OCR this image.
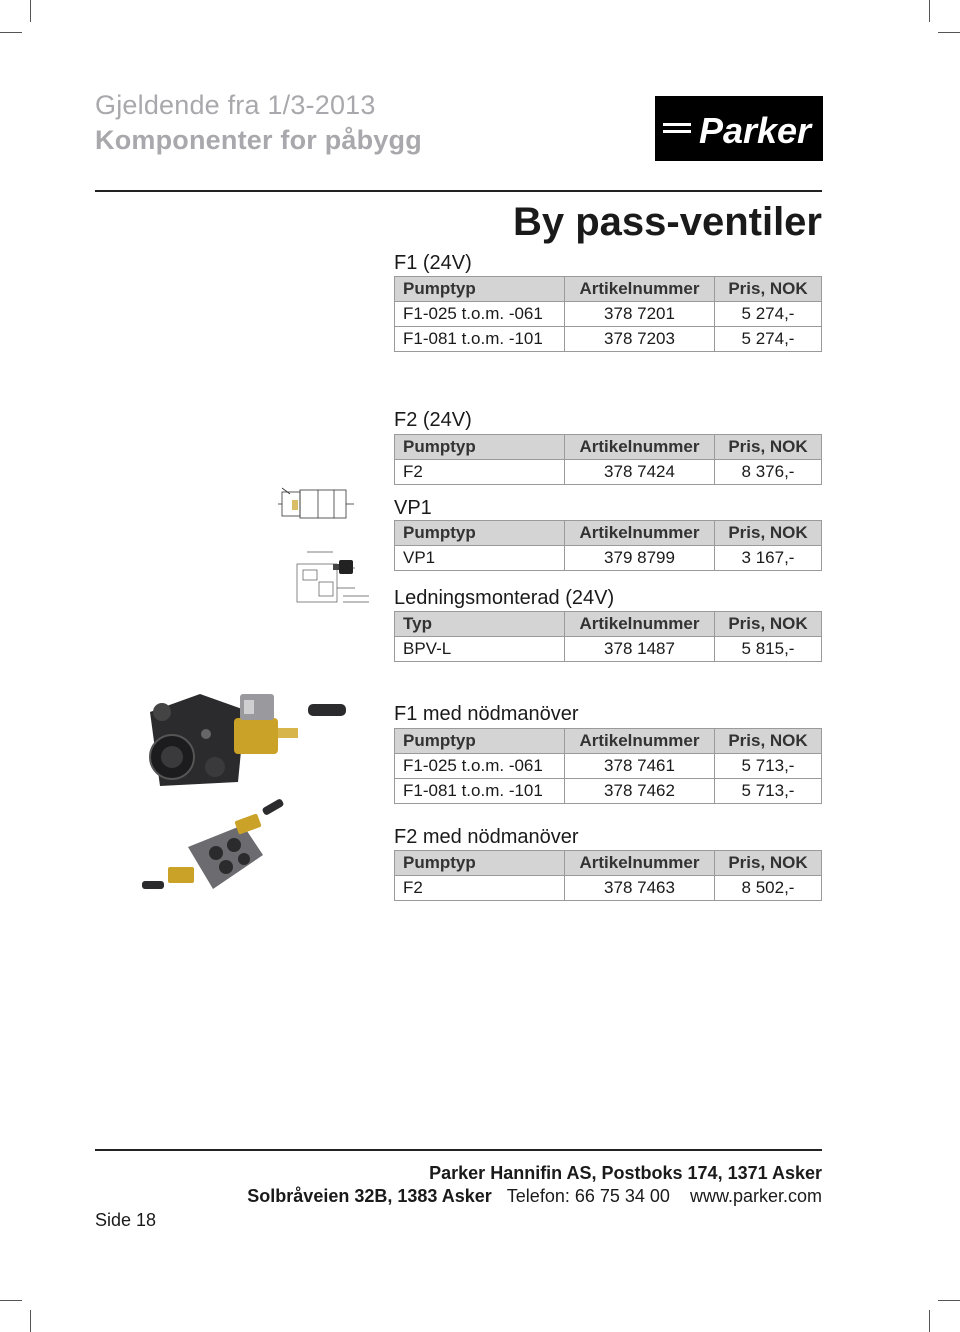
Gjeldende fra 1/3-2013
Komponenter for påbygg	Parker
By pass-ventiler
F1 (24V)
Pumptyp	Artikelnummer	Pris, NOK
F1-025 t.o.m. -061	378 7201	5 274,-
F1-081 t.o.m. -101	378 7203	5 274,-
F2 (24V)
Pumptyp	Artikelnummer	Pris, NOK
F2	378 7424	8 376,-
VP1
Pumptyp	Artikelnummer	Pris, NOK
VP1	379 8799	3 167,-
Ledningsmonterad (24V)
Typ	Artikelnummer	Pris, NOK
BPV-L	378 1487	5 815,-
F1 med nödmanöver
Pumptyp	Artikelnummer	Pris, NOK
F1-025 t.o.m. -061	378 7461	5 713,-
F1-081 t.o.m. -101	378 7462	5 713,-
F2 med nödmanöver
Pumptyp	Artikelnummer	Pris, NOK
F2	378 7463	8 502,-
Parker Hannifin AS, Postboks 174, 1371 Asker
Solbråveien 32B, 1383 Asker Telefon: 66 75 34 00 www.parker.com
Side 18
